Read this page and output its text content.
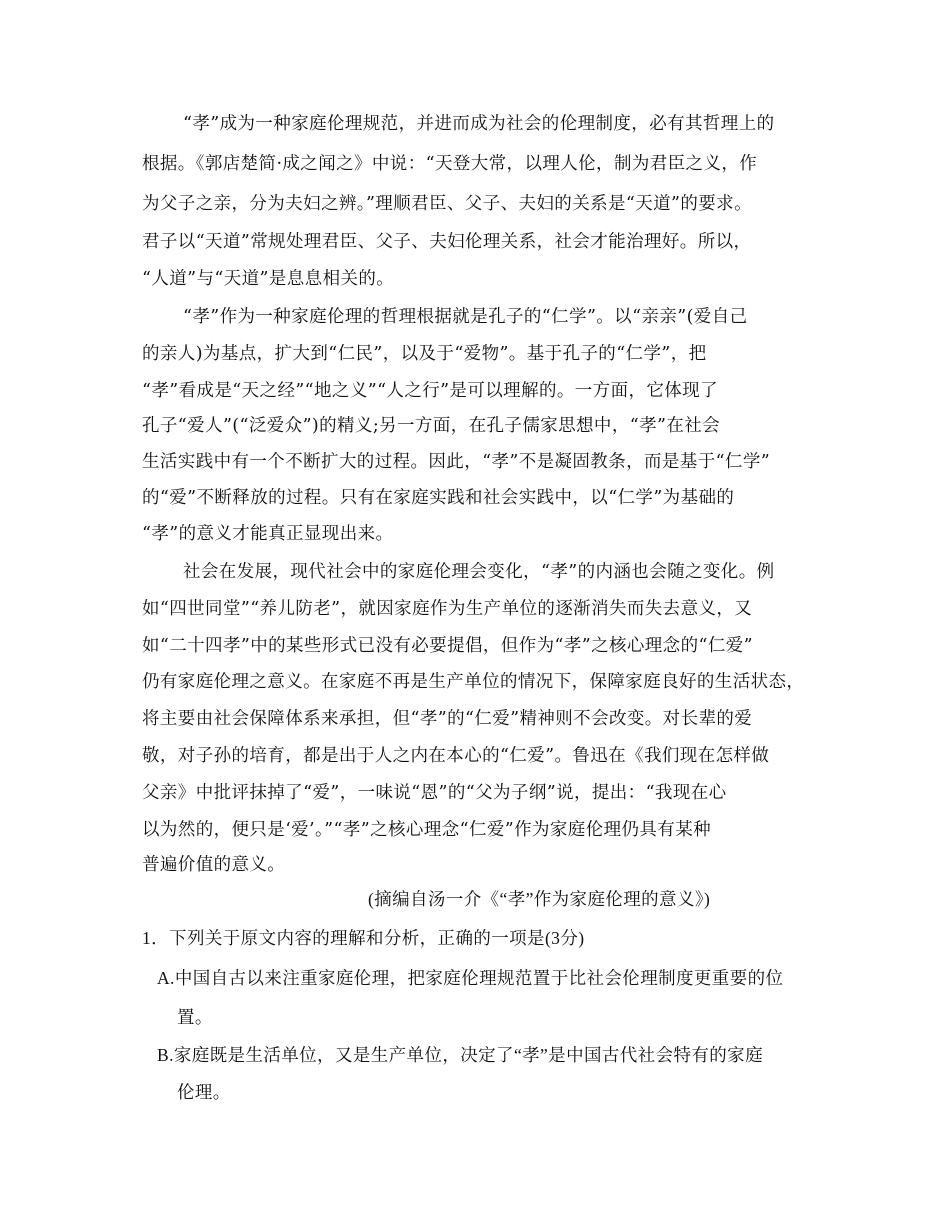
“孝”成为一种家庭伦理规范，并进而成为社会的伦理制度，必有其哲理上的
根据。《郭店楚简·成之闻之》中说：“天登大常，以理人伦，制为君臣之义，作
为父子之亲，分为夫妇之辨。”理顺君臣、父子、夫妇的关系是“天道”的要求。
君子以“天道”常规处理君臣、父子、夫妇伦理关系，社会才能治理好。所以，
“人道”与“天道”是息息相关的。
“孝”作为一种家庭伦理的哲理根据就是孔子的“仁学”。以“亲亲”(爱自己
的亲人)为基点，扩大到“仁民”，以及于“爱物”。基于孔子的“仁学”，把
“孝”看成是“天之经”“地之义”“人之行”是可以理解的。一方面，它体现了
孔子“爱人”(“泛爱众”)的精义;另一方面，在孔子儒家思想中，“孝”在社会
生活实践中有一个不断扩大的过程。因此，“孝”不是凝固教条，而是基于“仁学”
的“爱”不断释放的过程。只有在家庭实践和社会实践中，以“仁学”为基础的
“孝”的意义才能真正显现出来。
社会在发展，现代社会中的家庭伦理会变化，“孝”的内涵也会随之变化。例
如“四世同堂”“养儿防老”，就因家庭作为生产单位的逐渐消失而失去意义，又
如“二十四孝”中的某些形式已没有必要提倡，但作为“孝”之核心理念的“仁爱”
仍有家庭伦理之意义。在家庭不再是生产单位的情况下，保障家庭良好的生活状态，
将主要由社会保障体系来承担，但“孝”的“仁爱”精神则不会改变。对长辈的爱
敬，对子孙的培育，都是出于人之内在本心的“仁爱”。鲁迅在《我们现在怎样做
父亲》中批评抹掉了“爱”，一味说“恩”的“父为子纲”说，提出：“我现在心
以为然的，便只是‘爱’。”“孝”之核心理念“仁爱”作为家庭伦理仍具有某种
普遍价值的意义。
(摘编自汤一介《“孝”作为家庭伦理的意义》)
1．下列关于原文内容的理解和分析，正确的一项是(3分)
A.中国自古以来注重家庭伦理，把家庭伦理规范置于比社会伦理制度更重要的位
置。
B.家庭既是生活单位，又是生产单位，决定了“孝”是中国古代社会特有的家庭
伦理。
